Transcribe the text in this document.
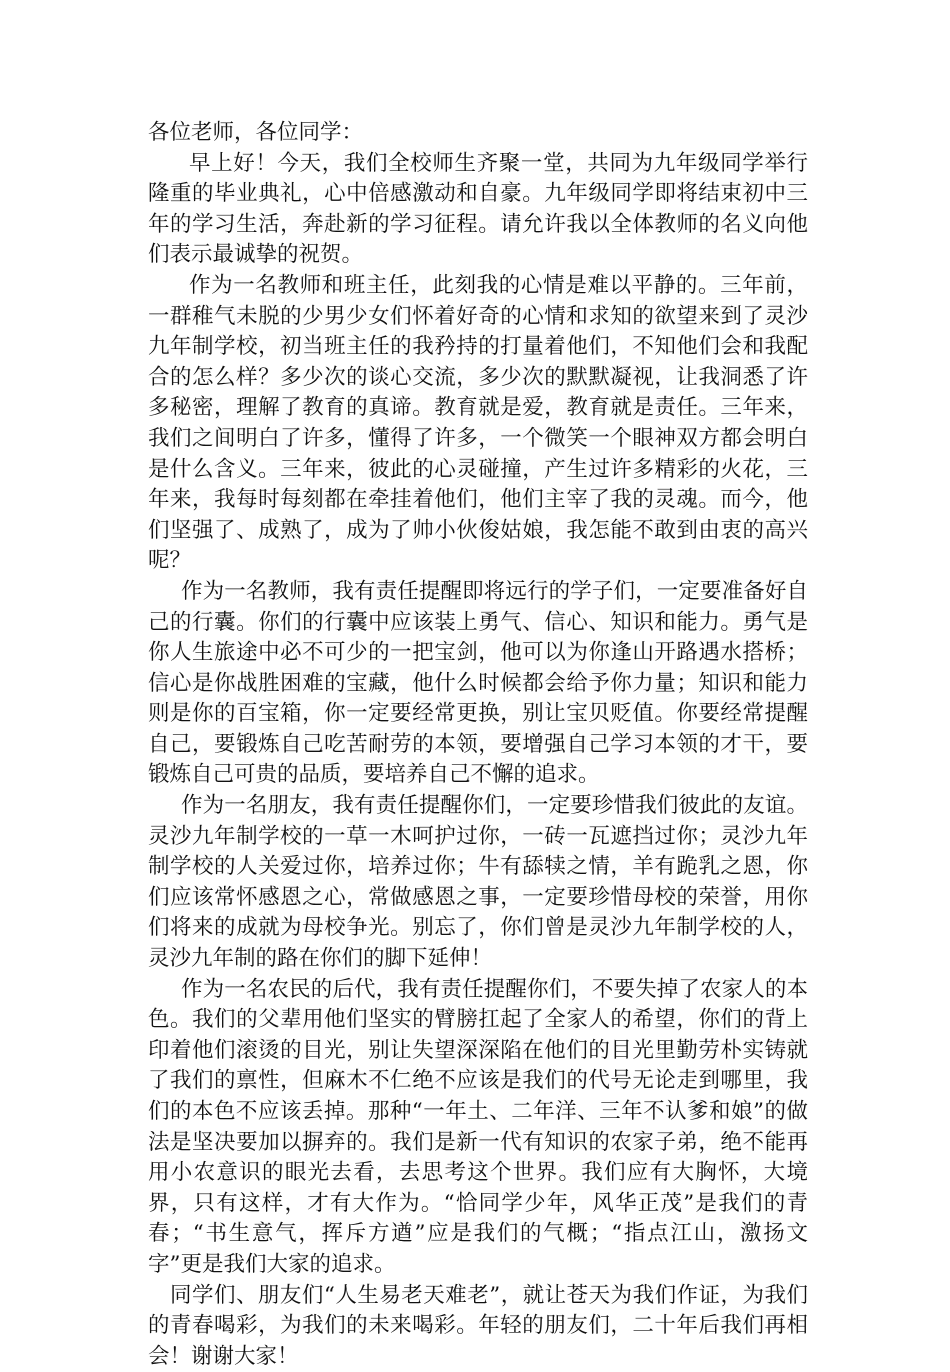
各位老师，各位同学：

早上好！今天，我们全校师生齐聚一堂，共同为九年级同学举行隆重的毕业典礼，心中倍感激动和自豪。九年级同学即将结束初中三年的学习生活，奔赴新的学习征程。请允许我以全体教师的名义向他们表示最诚挚的祝贺。

作为一名教师和班主任，此刻我的心情是难以平静的。三年前，一群稚气未脱的少男少女们怀着好奇的心情和求知的欲望来到了灵沙九年制学校，初当班主任的我矜持的打量着他们，不知他们会和我配合的怎么样？多少次的谈心交流，多少次的默默凝视，让我洞悉了许多秘密，理解了教育的真谛。教育就是爱，教育就是责任。三年来，我们之间明白了许多，懂得了许多，一个微笑一个眼神双方都会明白是什么含义。三年来，彼此的心灵碰撞，产生过许多精彩的火花，三年来，我每时每刻都在牵挂着他们，他们主宰了我的灵魂。而今，他们坚强了、成熟了，成为了帅小伙俊姑娘，我怎能不敢到由衷的高兴呢？

作为一名教师，我有责任提醒即将远行的学子们，一定要准备好自己的行囊。你们的行囊中应该装上勇气、信心、知识和能力。勇气是你人生旅途中必不可少的一把宝剑，他可以为你逢山开路遇水搭桥；信心是你战胜困难的宝藏，他什么时候都会给予你力量；知识和能力则是你的百宝箱，你一定要经常更换，别让宝贝贬值。你要经常提醒自己，要锻炼自己吃苦耐劳的本领，要增强自己学习本领的才干，要锻炼自己可贵的品质，要培养自己不懈的追求。

作为一名朋友，我有责任提醒你们，一定要珍惜我们彼此的友谊。灵沙九年制学校的一草一木呵护过你，一砖一瓦遮挡过你；灵沙九年制学校的人关爱过你，培养过你；牛有舔犊之情，羊有跪乳之恩，你们应该常怀感恩之心，常做感恩之事，一定要珍惜母校的荣誉，用你们将来的成就为母校争光。别忘了，你们曾是灵沙九年制学校的人，灵沙九年制的路在你们的脚下延伸！

作为一名农民的后代，我有责任提醒你们，不要失掉了农家人的本色。我们的父辈用他们坚实的臂膀扛起了全家人的希望，你们的背上印着他们滚烫的目光，别让失望深深陷在他们的目光里勤劳朴实铸就了我们的禀性，但麻木不仁绝不应该是我们的代号无论走到哪里，我们的本色不应该丢掉。那种“一年土、二年洋、三年不认爹和娘”的做法是坚决要加以摒弃的。我们是新一代有知识的农家子弟，绝不能再用小农意识的眼光去看，去思考这个世界。我们应有大胸怀，大境界，只有这样，才有大作为。“恰同学少年，风华正茂”是我们的青春；“书生意气，挥斥方遒”应是我们的气概；“指点江山，激扬文字”更是我们大家的追求。

同学们、朋友们“人生易老天难老”，就让苍天为我们作证，为我们的青春喝彩，为我们的未来喝彩。年轻的朋友们，二十年后我们再相会！谢谢大家！
